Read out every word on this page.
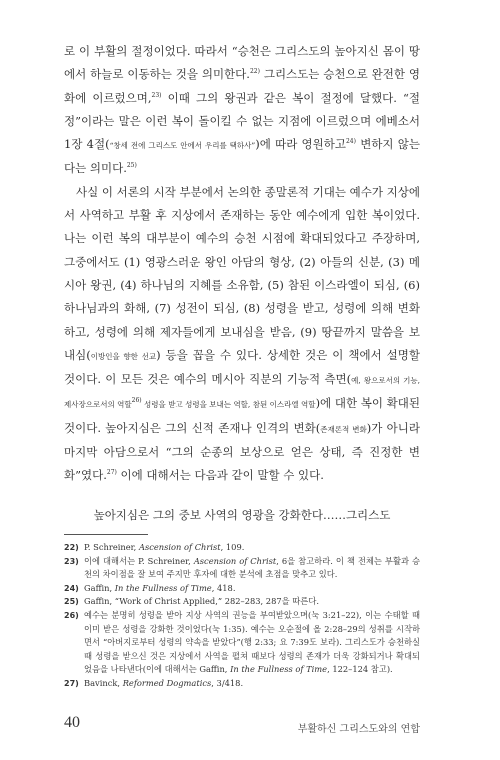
로 이 부활의 절정이었다. 따라서 “승천은 그리스도의 높아지신 몸이 땅에서 하늘로 이동하는 것을 의미한다.$^{22)}$ 그리스도는 승천으로 완전한 영화에 이르렀으며,$^{23)}$ 이때 그의 왕권과 같은 복이 절정에 달했다. “절정”이라는 말은 이런 복이 돌이킬 수 없는 지점에 이르렀으며 에베소서 1장 4절(“창세 전에 그리스도 안에서 우리를 택하사”)에 따라 영원하고$^{24)}$ 변하지 않는다는 의미다.$^{25)}$

사실 이 서론의 시작 부분에서 논의한 종말론적 기대는 예수가 지상에서 사역하고 부활 후 지상에서 존재하는 동안 예수에게 입한 복이었다. 나는 이런 복의 대부분이 예수의 승천 시점에 확대되었다고 주장하며, 그중에서도 (1) 영광스러운 왕인 아담의 형상, (2) 아들의 신분, (3) 메시아 왕권, (4) 하나님의 지혜를 소유함, (5) 참된 이스라엘이 되심, (6) 하나님과의 화해, (7) 성전이 되심, (8) 성령을 받고, 성령에 의해 변화하고, 성령에 의해 제자들에게 보내심을 받음, (9) 땅끝까지 말씀을 보내심(이방인을 향한 선교) 등을 꼽을 수 있다. 상세한 것은 이 책에서 설명할 것이다. 이 모든 것은 예수의 메시아 직분의 기능적 측면(예, 왕으로서의 기능, 제사장으로서의 역할$^{26)}$ 성령을 받고 성령을 보내는 역할, 참된 이스라엘 역할)에 대한 복이 확대된 것이다. 높아지심은 그의 신적 존재나 인격의 변화(존재론적 변화)가 아니라 마지막 아담으로서 “그의 순종의 보상으로 얻은 상태, 즉 진정한 변화”였다.$^{27)}$ 이에 대해서는 다음과 같이 말할 수 있다.

높아지심은 그의 중보 사역의 영광을 강화한다……그리스도
22) P. Schreiner, Ascension of Christ, 109.
23) 이에 대해서는 P. Schreiner, Ascension of Christ, 6을 참고하라. 이 책 전체는 부활과 승천의 차이점을 잘 보여 주지만 후자에 대한 분석에 초점을 맞추고 있다.
24) Gaffin, In the Fullness of Time, 418.
25) Gaffin, “Work of Christ Applied,” 282–283, 287을 따른다.
26) 예수는 분명히 성령을 받아 지상 사역의 권능을 부여받았으며(눅 3:21–22), 이는 수태할 때 이미 받은 성령을 강화한 것이었다(눅 1:35). 예수는 오순절에 올 2:28–29의 성취를 시작하면서 “아버지로부터 성령의 약속을 받았다”(행 2:33; 요 7:39도 보라). 그리스도가 승천하실 때 성령을 받으신 것은 지상에서 사역을 펼쳐 때보다 성령의 존재가 더욱 강화되거나 확대되었음을 나타낸다(이에 대해서는 Gaffin, In the Fullness of Time, 122–124 참고).
27) Bavinck, Reformed Dogmatics, 3/418.
40	부활하신 그리스도와의 연합
